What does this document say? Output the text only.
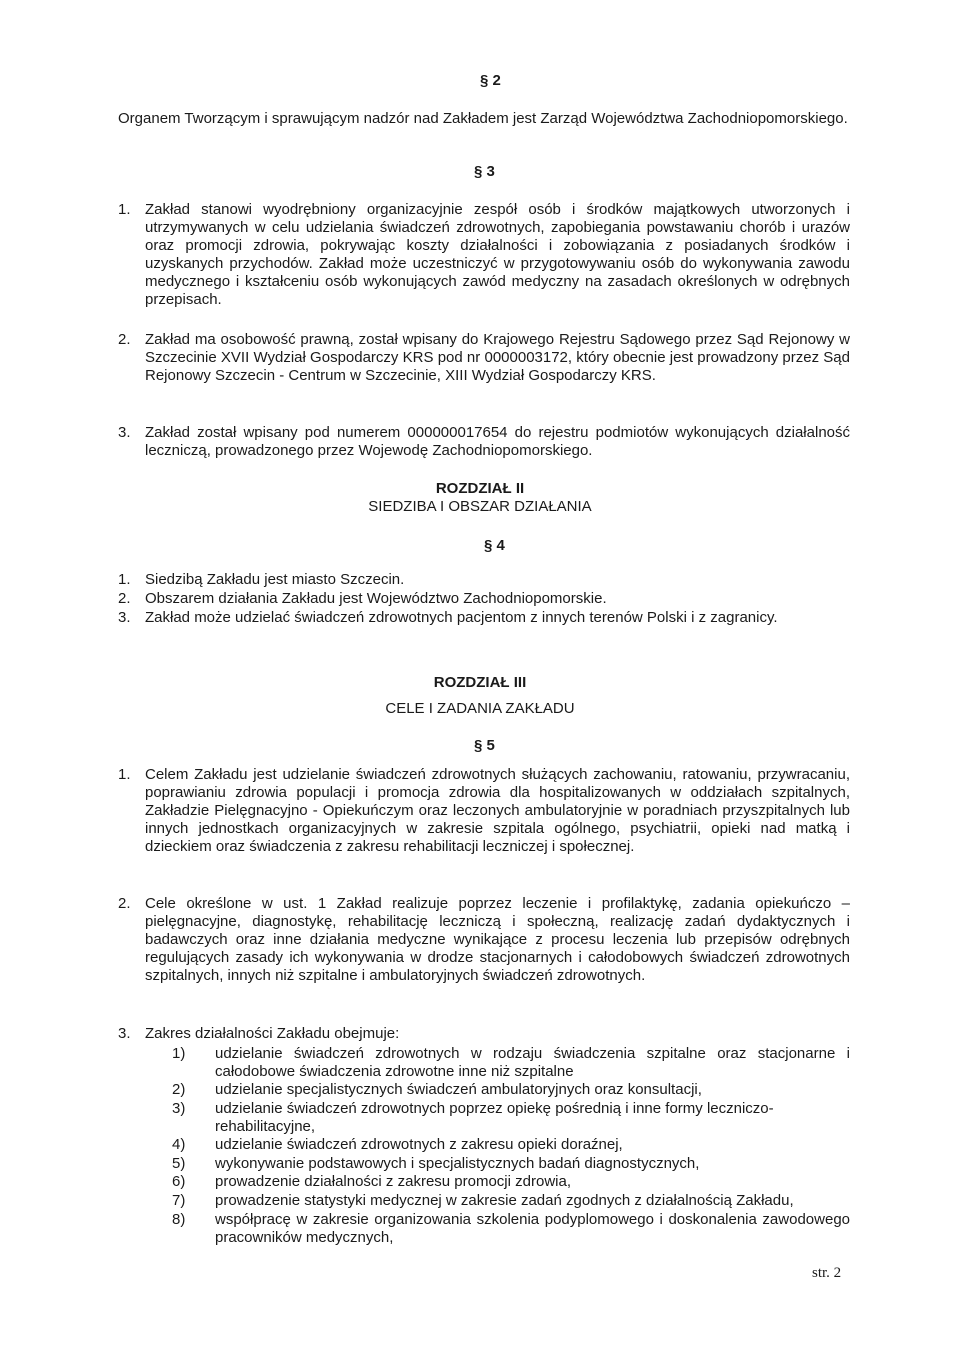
§ 2
Organem Tworzącym i sprawującym nadzór nad Zakładem jest Zarząd Województwa Zachodniopomorskiego.
§ 3
1. Zakład stanowi wyodrębniony organizacyjnie zespół osób i środków majątkowych utworzonych i utrzymywanych w celu udzielania świadczeń zdrowotnych, zapobiegania powstawaniu chorób i urazów oraz promocji zdrowia, pokrywając koszty działalności i zobowiązania z posiadanych środków i uzyskanych przychodów. Zakład może uczestniczyć w przygotowywaniu osób do wykonywania zawodu medycznego i kształceniu osób wykonujących zawód medyczny na zasadach określonych w odrębnych przepisach.
2. Zakład ma osobowość prawną, został wpisany do Krajowego Rejestru Sądowego przez Sąd Rejonowy w Szczecinie XVII Wydział Gospodarczy KRS pod nr 0000003172, który obecnie jest prowadzony przez Sąd Rejonowy Szczecin - Centrum w Szczecinie, XIII Wydział Gospodarczy KRS.
3. Zakład został wpisany pod numerem 000000017654 do rejestru podmiotów wykonujących działalność leczniczą, prowadzonego przez Wojewodę Zachodniopomorskiego.
ROZDZIAŁ II
SIEDZIBA I OBSZAR DZIAŁANIA
§ 4
1. Siedzibą Zakładu jest miasto Szczecin.
2. Obszarem działania Zakładu jest Województwo Zachodniopomorskie.
3. Zakład może udzielać świadczeń zdrowotnych pacjentom z innych terenów Polski i z zagranicy.
ROZDZIAŁ III
CELE I ZADANIA ZAKŁADU
§ 5
1. Celem Zakładu jest udzielanie świadczeń zdrowotnych służących zachowaniu, ratowaniu, przywracaniu, poprawianiu zdrowia populacji i promocja zdrowia dla hospitalizowanych w oddziałach szpitalnych, Zakładzie Pielęgnacyjno - Opiekuńczym oraz leczonych ambulatoryjnie w poradniach przyszpitalnych lub innych jednostkach organizacyjnych w zakresie szpitala ogólnego, psychiatrii, opieki nad matką i dzieckiem oraz świadczenia z zakresu rehabilitacji leczniczej i społecznej.
2. Cele określone w ust. 1 Zakład realizuje poprzez leczenie i profilaktykę, zadania opiekuńczo – pielęgnacyjne, diagnostykę, rehabilitację leczniczą i społeczną, realizację zadań dydaktycznych i badawczych oraz inne działania medyczne wynikające z procesu leczenia lub przepisów odrębnych regulujących zasady ich wykonywania w drodze stacjonarnych i całodobowych świadczeń zdrowotnych szpitalnych, innych niż szpitalne i ambulatoryjnych świadczeń zdrowotnych.
3. Zakres działalności Zakładu obejmuje:
1) udzielanie świadczeń zdrowotnych w rodzaju świadczenia szpitalne oraz stacjonarne i całodobowe świadczenia zdrowotne inne niż szpitalne
2) udzielanie specjalistycznych świadczeń ambulatoryjnych oraz konsultacji,
3) udzielanie świadczeń zdrowotnych poprzez opiekę pośrednią i inne formy leczniczo-rehabilitacyjne,
4) udzielanie świadczeń zdrowotnych z zakresu opieki doraźnej,
5) wykonywanie podstawowych i specjalistycznych badań diagnostycznych,
6) prowadzenie działalności z zakresu promocji zdrowia,
7) prowadzenie statystyki medycznej w zakresie zadań zgodnych z działalnością Zakładu,
8) współpracę w zakresie organizowania szkolenia podyplomowego i doskonalenia zawodowego pracowników medycznych,
str. 2
